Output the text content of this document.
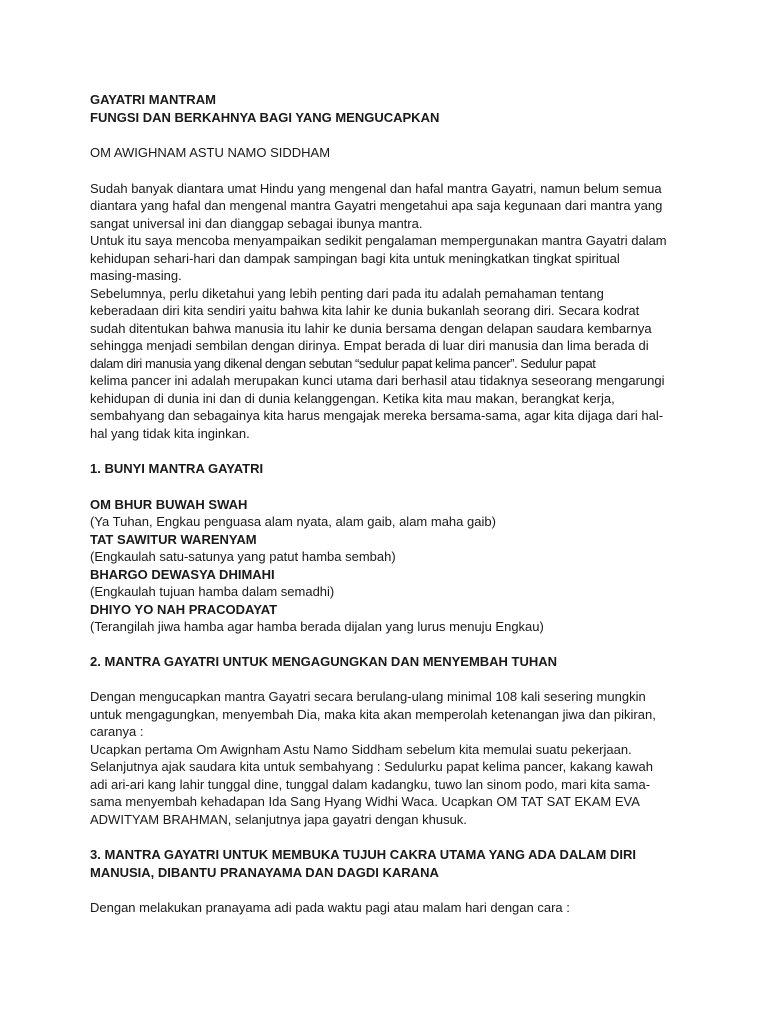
GAYATRI MANTRAM
FUNGSI DAN BERKAHNYA BAGI YANG MENGUCAPKAN
OM AWIGHNAM ASTU NAMO SIDDHAM
Sudah banyak diantara umat Hindu yang mengenal dan hafal mantra Gayatri, namun belum semua
diantara yang hafal dan mengenal mantra Gayatri mengetahui apa saja kegunaan dari mantra yang
sangat universal ini dan dianggap sebagai ibunya mantra.
Untuk itu saya mencoba menyampaikan sedikit pengalaman mempergunakan mantra Gayatri dalam
kehidupan sehari-hari dan dampak sampingan bagi kita untuk meningkatkan tingkat spiritual
masing-masing.
Sebelumnya, perlu diketahui yang lebih penting dari pada itu adalah pemahaman tentang
keberadaan diri kita sendiri yaitu bahwa kita lahir ke dunia bukanlah seorang diri. Secara kodrat
sudah ditentukan bahwa manusia itu lahir ke dunia bersama dengan delapan saudara kembarnya
sehingga menjadi sembilan dengan dirinya. Empat berada di luar diri manusia dan lima berada di
dalam diri manusia yang dikenal dengan sebutan “sedulur papat kelima pancer”. Sedulur papat
kelima pancer ini adalah merupakan kunci utama dari berhasil atau tidaknya seseorang mengarungi
kehidupan di dunia ini dan di dunia kelanggengan. Ketika kita mau makan, berangkat kerja,
sembahyang dan sebagainya kita harus mengajak mereka bersama-sama, agar kita dijaga dari hal-
hal yang tidak kita inginkan.
1. BUNYI MANTRA GAYATRI
OM BHUR BUWAH SWAH
(Ya Tuhan, Engkau penguasa alam nyata, alam gaib, alam maha gaib)
TAT SAWITUR WARENYAM
(Engkaulah satu-satunya yang patut hamba sembah)
BHARGO DEWASYA DHIMAHI
(Engkaulah tujuan hamba dalam semadhi)
DHIYO YO NAH PRACODAYAT
(Terangilah jiwa hamba agar hamba berada dijalan yang lurus menuju Engkau)
2. MANTRA GAYATRI UNTUK MENGAGUNGKAN DAN MENYEMBAH TUHAN
Dengan mengucapkan mantra Gayatri secara berulang-ulang minimal 108 kali sesering mungkin
untuk mengagungkan, menyembah Dia, maka kita akan memperolah ketenangan jiwa dan pikiran,
caranya :
Ucapkan pertama Om Awignham Astu Namo Siddham sebelum kita memulai suatu pekerjaan.
Selanjutnya ajak saudara kita untuk sembahyang : Sedulurku papat kelima pancer, kakang kawah
adi ari-ari kang lahir tunggal dine, tunggal dalam kadangku, tuwo lan sinom podo, mari kita sama-
sama menyembah kehadapan Ida Sang Hyang Widhi Waca. Ucapkan OM TAT SAT EKAM EVA
ADWITYAM BRAHMAN, selanjutnya japa gayatri dengan khusuk.
3. MANTRA GAYATRI UNTUK MEMBUKA TUJUH CAKRA UTAMA YANG ADA DALAM DIRI
MANUSIA, DIBANTU PRANAYAMA DAN DAGDI KARANA
Dengan melakukan pranayama adi pada waktu pagi atau malam hari dengan cara :
